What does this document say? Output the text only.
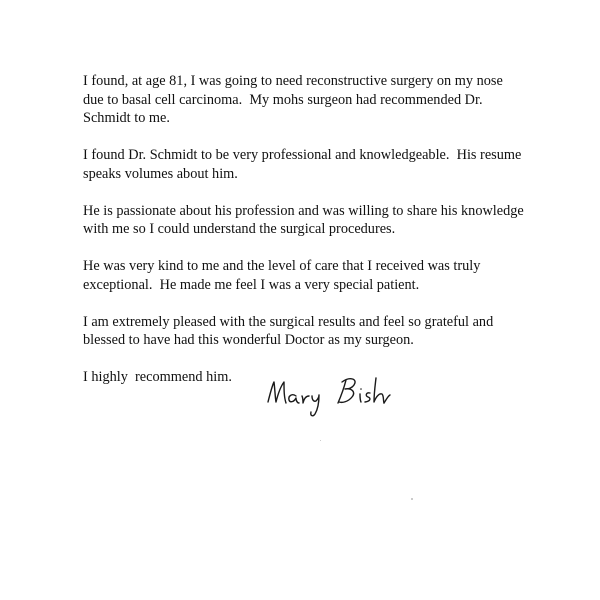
I found, at age 81, I was going to need reconstructive surgery on my nose
due to basal cell carcinoma.  My mohs surgeon had recommended Dr.
Schmidt to me.
I found Dr. Schmidt to be very professional and knowledgeable.  His resume
speaks volumes about him.
He is passionate about his profession and was willing to share his knowledge
with me so I could understand the surgical procedures.
He was very kind to me and the level of care that I received was truly
exceptional.  He made me feel I was a very special patient.
I am extremely pleased with the surgical results and feel so grateful and
blessed to have had this wonderful Doctor as my surgeon.
I highly  recommend him.
